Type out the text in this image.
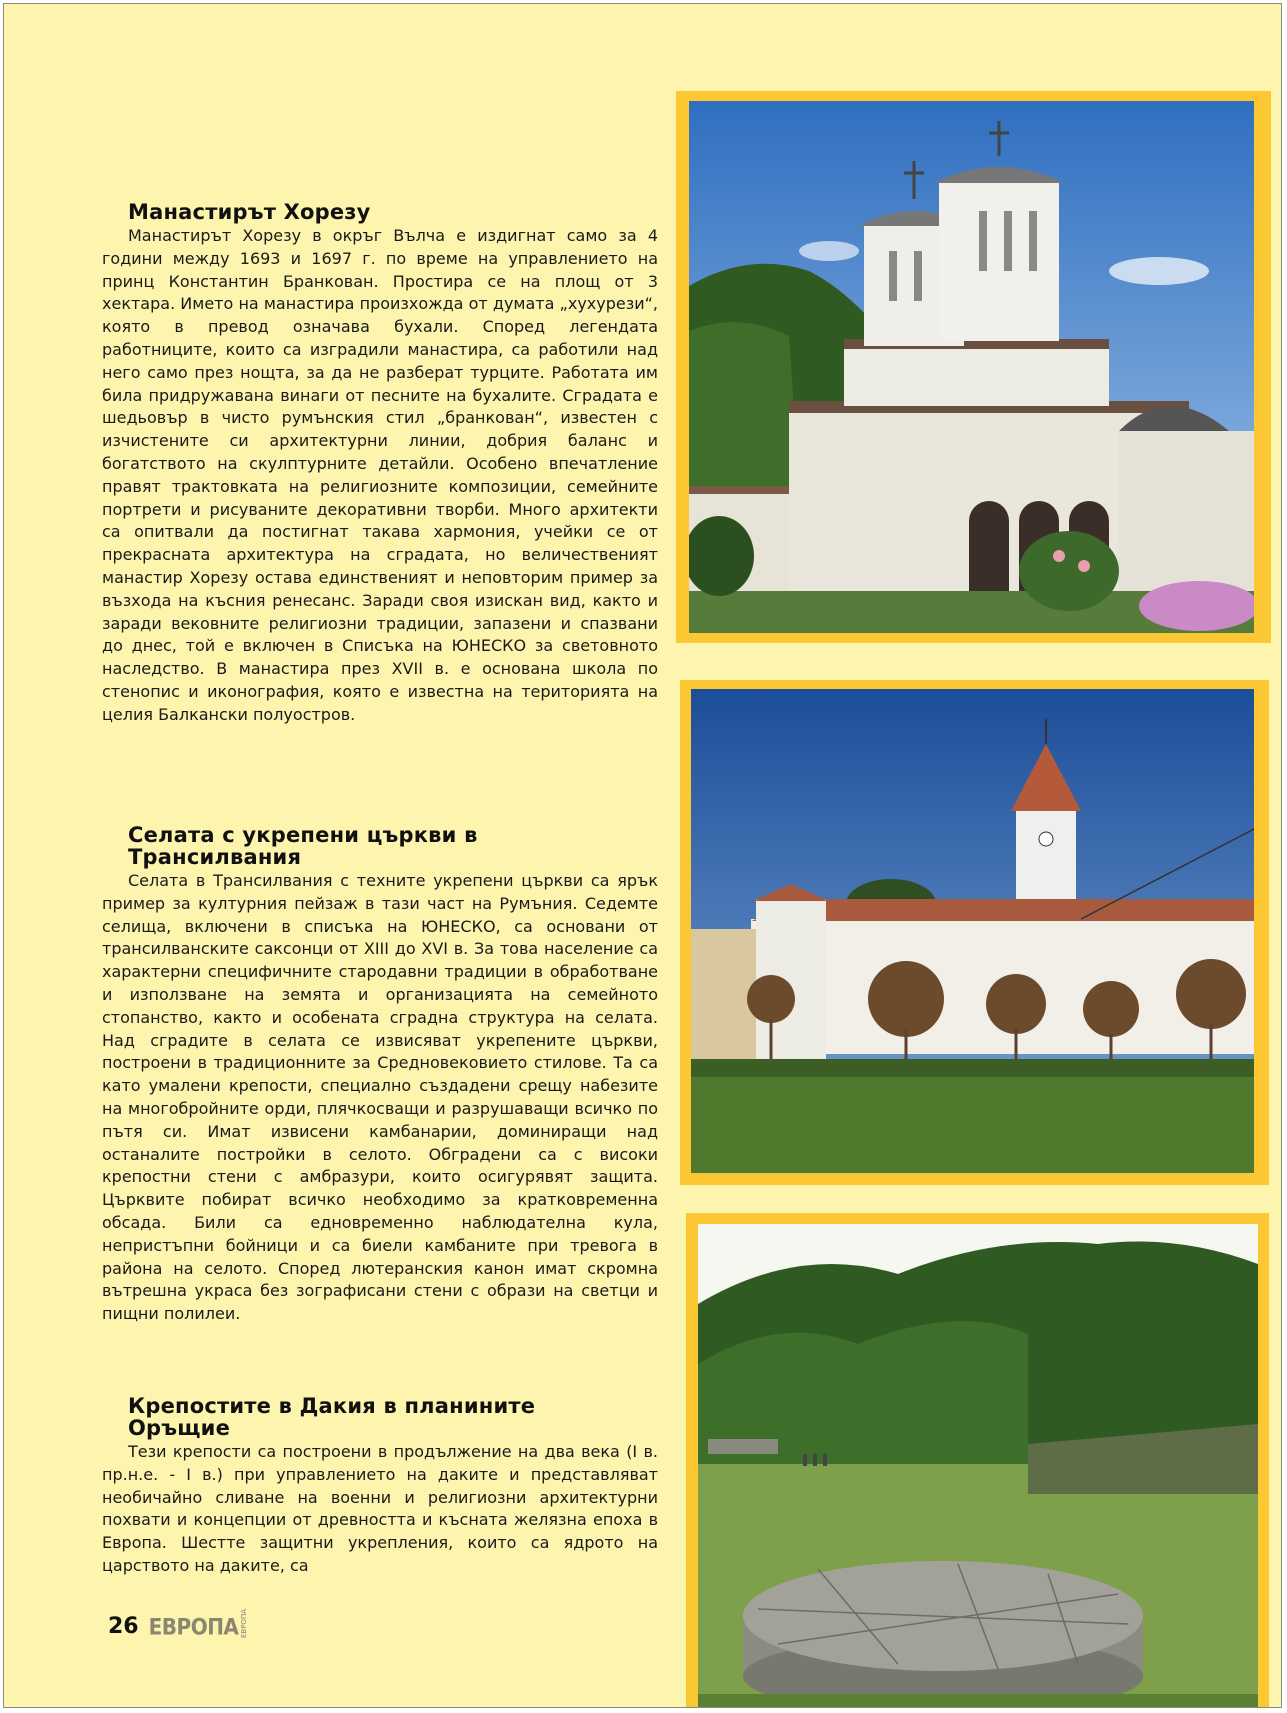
Манастирът Хорезу

Манастирът Хорезу в окръг Вълча е издигнат само за 4 години между 1693 и 1697 г. по време на управлението на принц Константин Бранкован. Простира се на площ от 3 хектара. Името на манастира произхожда от думата „хухурези“, която в превод означава бухали. Според легендата работниците, които са изградили манастира, са работили над него само през нощта, за да не разберат турците. Работата им била придружавана винаги от песните на бухалите. Сградата е шедьовър в чисто румънския стил „бранкован“, известен с изчистените си архитектурни линии, добрия баланс и богатството на скулптурните детайли. Особено впечатление правят трактовката на религиозните композиции, семейните портрети и рисуваните декоративни творби. Много архитекти са опитвали да постигнат такава хармония, учейки се от прекрасната архитектура на сградата, но величественият манастир Хорезу остава единственият и неповторим пример за възхода на късния ренесанс. Заради своя изискан вид, както и заради вековните религиозни традиции, запазени и спазвани до днес, той е включен в Списъка на ЮНЕСКО за световното наследство. В манастира през XVII в. е основана школа по стенопис и иконография, която е известна на територията на целия Балкански полуостров.

Селата с укрепени църкви в Трансилвания

Селата в Трансилвания с техните укрепени църкви са ярък пример за културния пейзаж в тази част на Румъния. Седемте селища, включени в списъка на ЮНЕСКО, са основани от трансилванските саксонци от XIII до XVI в. За това население са характерни специфичните стародавни традиции в обработване и използване на земята и организацията на семейното стопанство, както и особената сградна структура на селата. Над сградите в селата се извисяват укрепените църкви, построени в традиционните за Средновековието стилове. Та са като умалени крепости, специално създадени срещу набезите на многобройните орди, плячкосващи и разрушаващи всичко по пътя си. Имат извисени камбанарии, доминиращи над останалите постройки в селото. Обградени са с високи крепостни стени с амбразури, които осигурявят защита. Църквите побират всичко необходимо за кратковременна обсада. Били са едновременно наблюдателна кула, непристъпни бойници и са биели камбаните при тревога в района на селото. Според лютеранския канон имат скромна вътрешна украса без зографисани стени с образи на светци и пищни полилеи.

Крепостите в Дакия в планините Оръщие

Тези крепости са построени в продължение на два века (I в. пр.н.е. - I в.) при управлението на даките и представляват необичайно сливане на военни и религиозни архитектурни похвати и концепции от древността и късната желязна епоха в Европа. Шестте защитни укрепления, които са ядрото на царството на даките, са

26 ЕВРОПА ЕВРОПА
